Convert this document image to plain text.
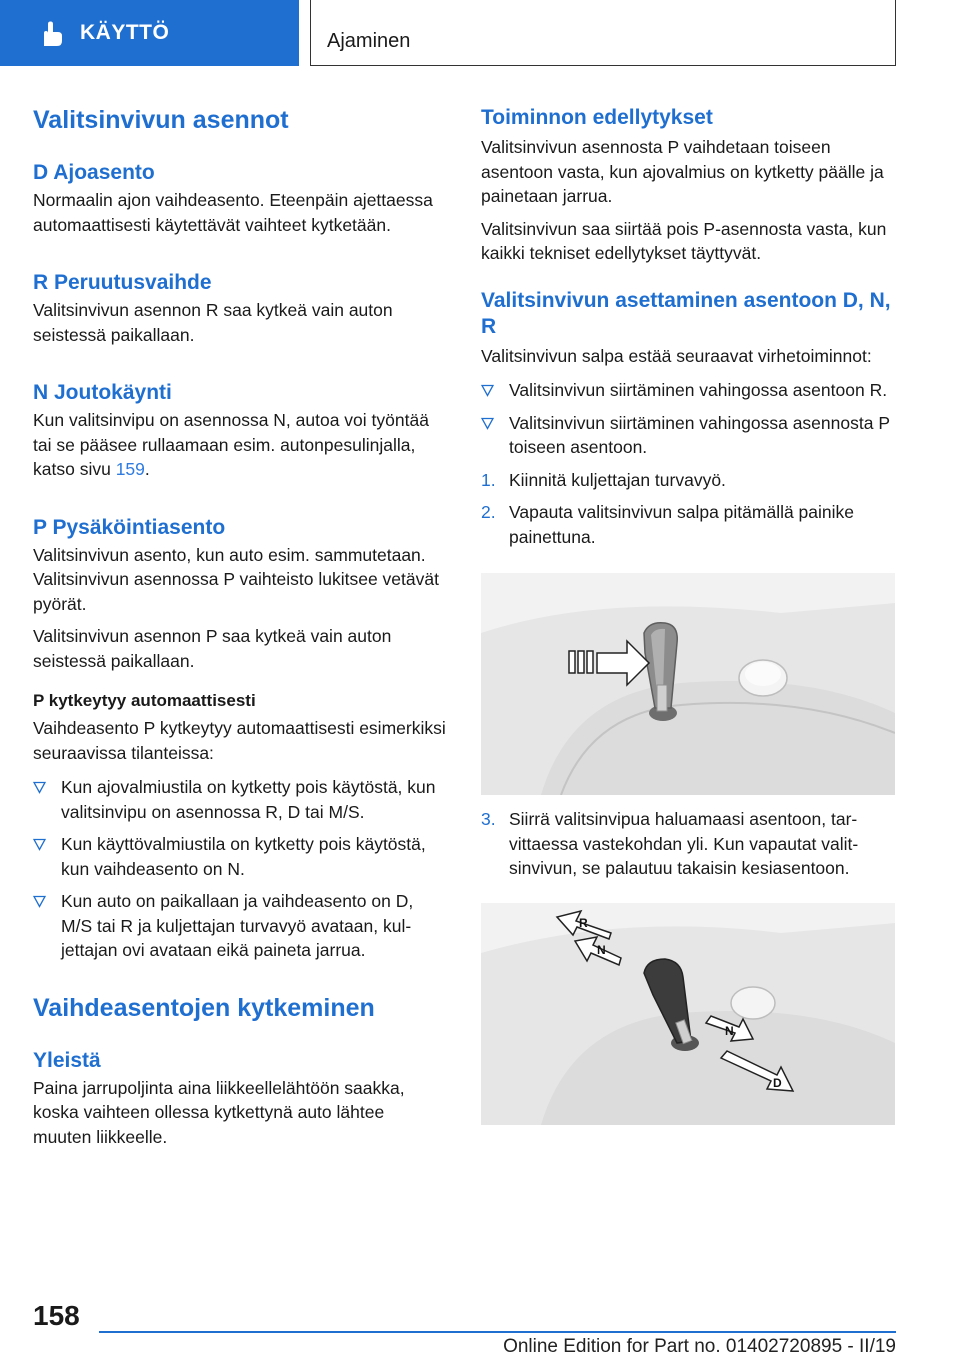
KÄYTTÖ	Ajaminen
Valitsinvivun asennot
D Ajoasento
Normaalin ajon vaihdeasento. Eteenpäin ajettaessa automaattisesti käytettävät vaihteet kytketään.
R Peruutusvaihde
Valitsinvivun asennon R saa kytkeä vain auton seistessä paikallaan.
N Joutokäynti
Kun valitsinvipu on asennossa N, autoa voi työntää tai se pääsee rullaamaan esim. autonpesulinjalla, katso sivu 159.
P Pysäköintiasento
Valitsinvivun asento, kun auto esim. sammutetaan. Valitsinvivun asennossa P vaihteisto lukitsee vetävät pyörät.
Valitsinvivun asennon P saa kytkeä vain auton seistessä paikallaan.
P kytkeytyy automaattisesti
Vaihdeasento P kytkeytyy automaattisesti esimerkiksi seuraavissa tilanteissa:
Kun ajovalmiustila on kytketty pois käytöstä, kun valitsinvipu on asennossa R, D tai M/S.
Kun käyttövalmiustila on kytketty pois käytöstä, kun vaihdeasento on N.
Kun auto on paikallaan ja vaihdeasento on D, M/S tai R ja kuljettajan turvavyö avataan, kuljettajan ovi avataan eikä paineta jarrua.
Vaihdeasentojen kytkeminen
Yleistä
Paina jarrupoljinta aina liikkeellelähtöön saakka, koska vaihteen ollessa kytkettynä auto lähtee muuten liikkeelle.
Toiminnon edellytykset
Valitsinvivun asennosta P vaihdetaan toiseen asentoon vasta, kun ajovalmius on kytketty päälle ja painetaan jarrua.
Valitsinvivun saa siirtää pois P-asennosta vasta, kun kaikki tekniset edellytykset täyttyvät.
Valitsinvivun asettaminen asentoon D, N, R
Valitsinvivun salpa estää seuraavat virhetoiminnot:
Valitsinvivun siirtäminen vahingossa asentoon R.
Valitsinvivun siirtäminen vahingossa asennosta P toiseen asentoon.
1. Kiinnitä kuljettajan turvavyö.
2. Vapauta valitsinvivun salpa pitämällä painike painettuna.
3. Siirrä valitsinvipua haluamaasi asentoon, tarvittaessa vastekohdan yli. Kun vapautat valitsinvivun, se palautuu takaisin kesiasentoon.
R
N
N
D
158
Online Edition for Part no. 01402720895 - II/19
